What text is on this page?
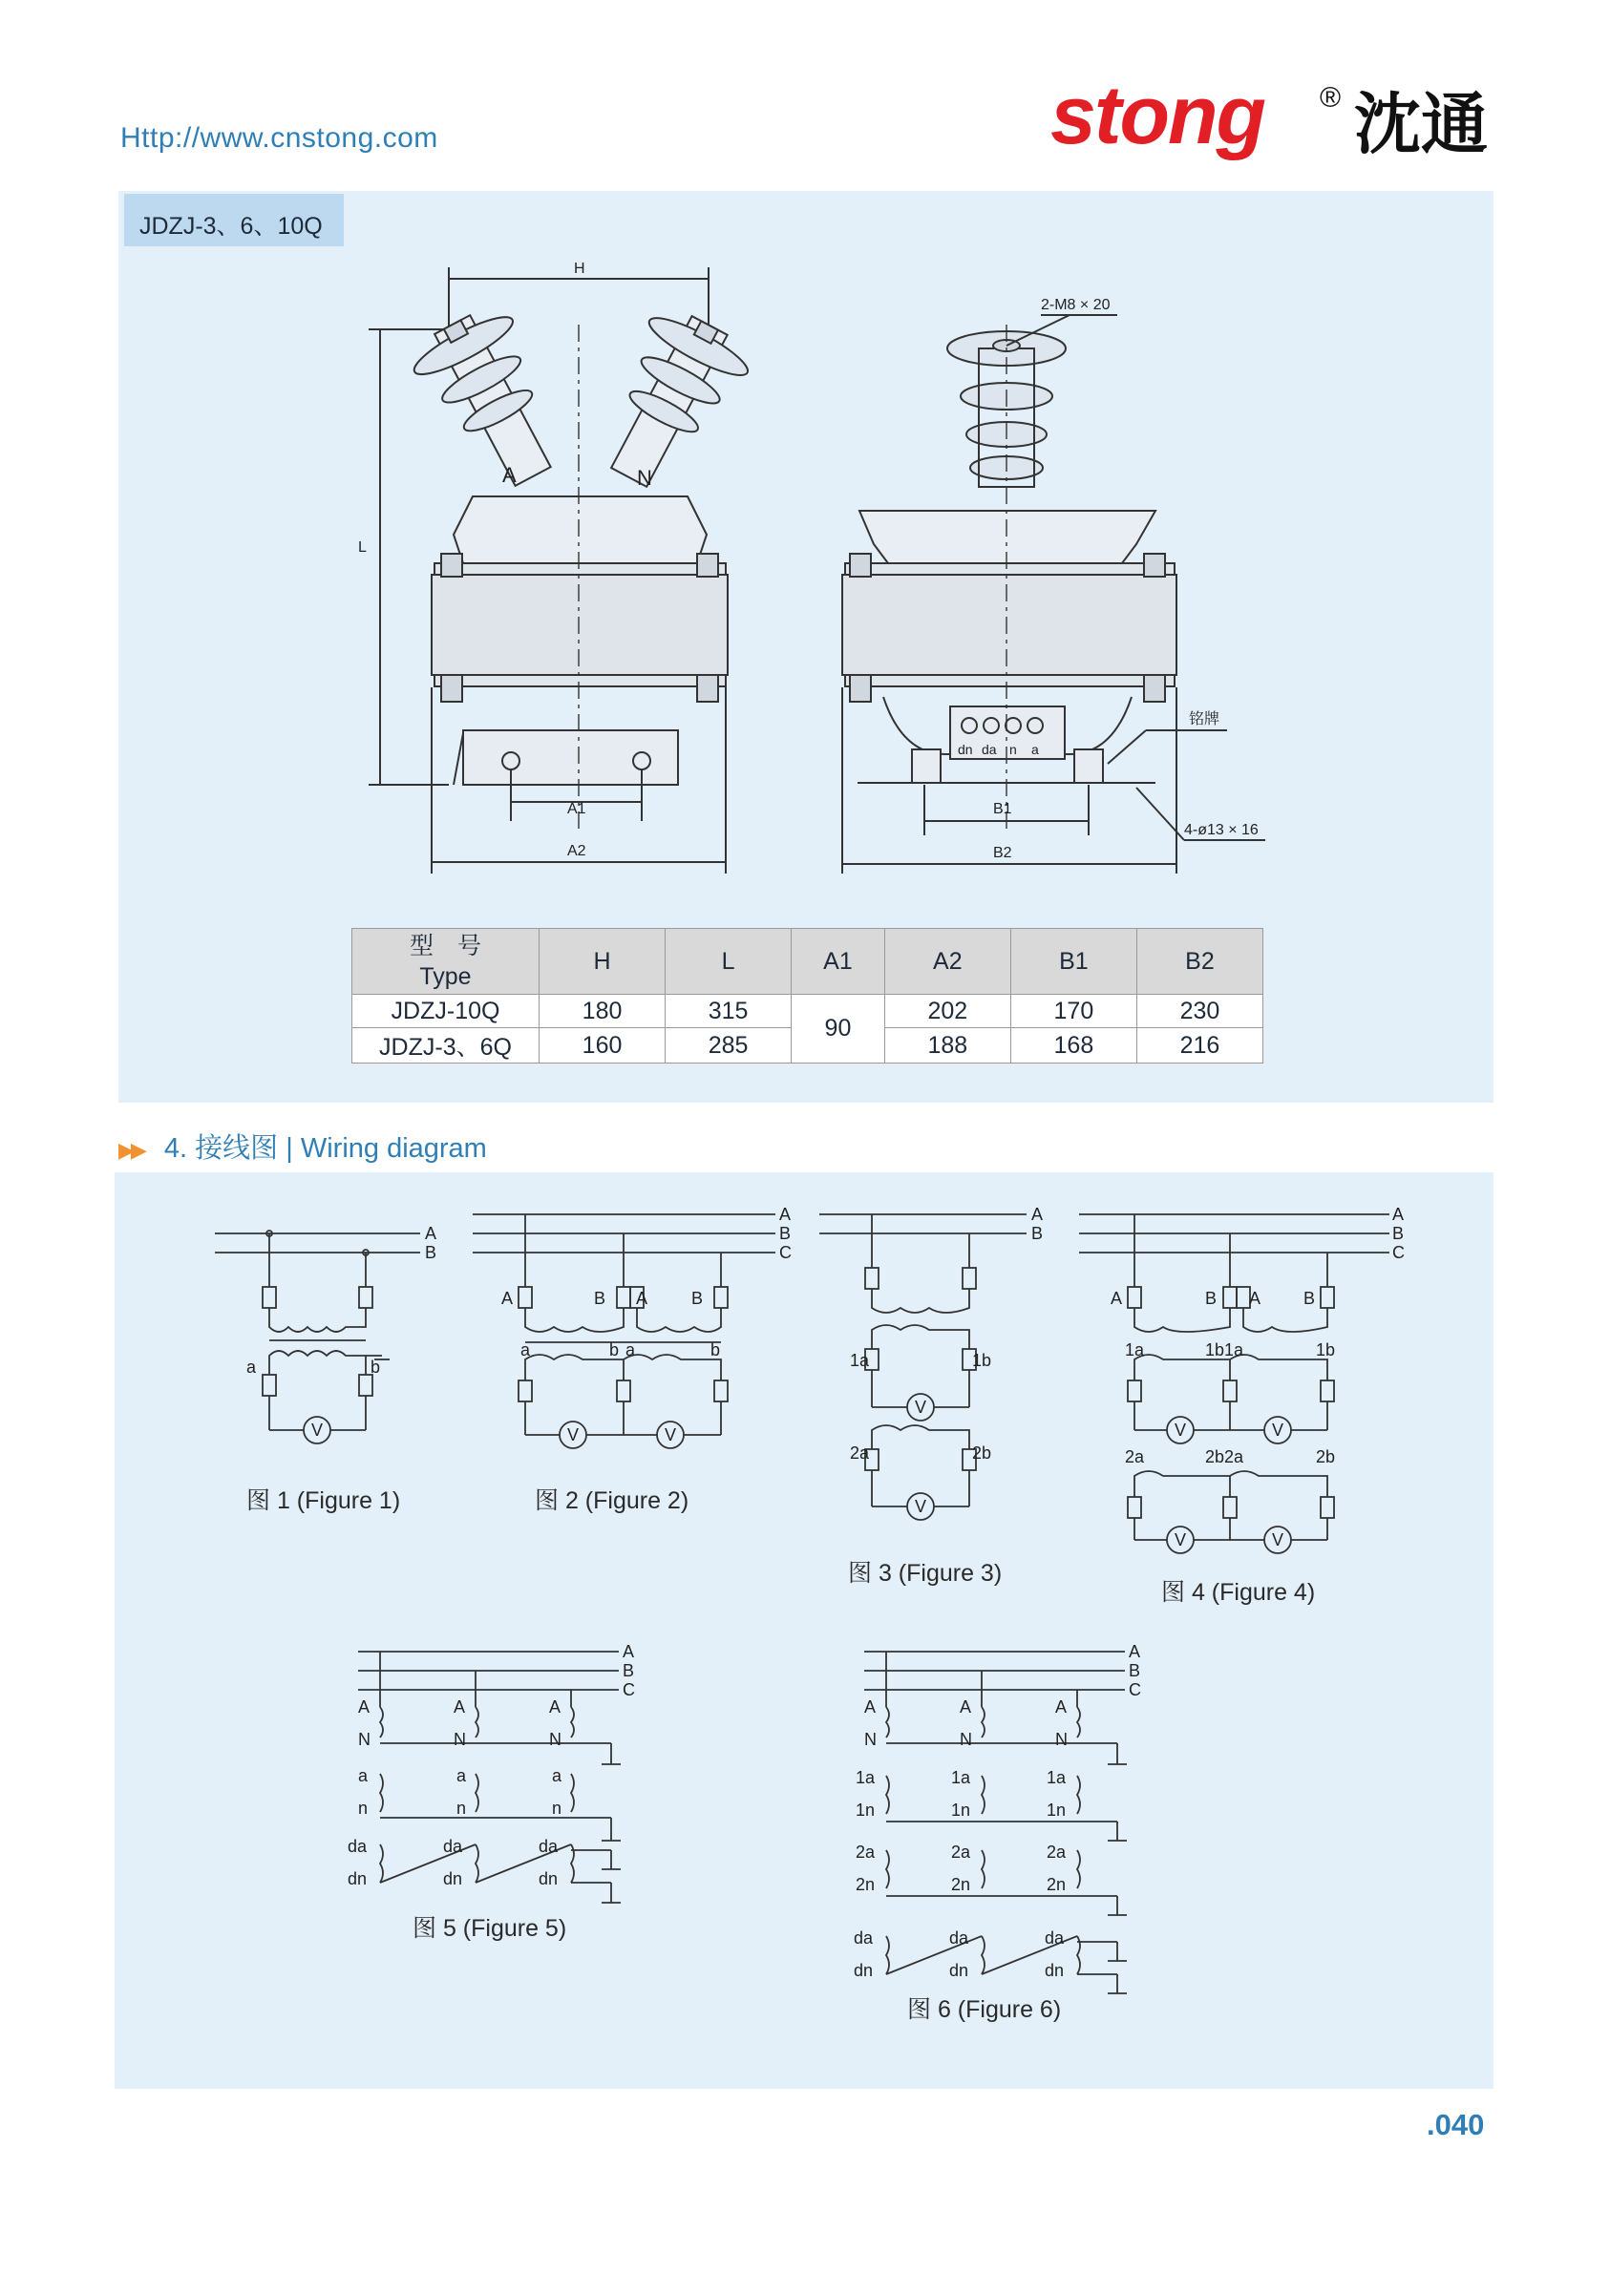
Http://www.cnstong.com	stong ® 沈通
JDZJ-3、6、10Q
H
L
A	N
A1
A2
2-M8 × 20
dn da n a
铭牌
B1
4-ø13 × 16
B2
型　号
Type	H	L	A1	A2	B1	B2
JDZJ-10Q	180	315	90	202	170	230
JDZJ-3、6Q	160	285		188	168	216
▶▶ 4. 接线图 | Wiring diagram
A
B
a	b
V
A
B
C
A	B A	B
a	b a	b
V	V
A
B
1a	1b
V
2a	2b
V
A
B
C
A	B A B
1a	1b1a	1b
V	V
2a	2b2a	2b
V	V
A
B
C
A	A	A
N	N	N
a	a	a
n	n	n
da	da	da
dn	dn	dn
A
B
C
A	A	A
N	N	N
1a	1a	1a
1n	1n	1n
2a	2a	2a
2n	2n	2n
da	da	da
dn	dn	dn
图 1 (Figure 1)	图 2 (Figure 2)
图 3 (Figure 3)
图 4 (Figure 4)
图 5 (Figure 5)
图 6 (Figure 6)
.040
